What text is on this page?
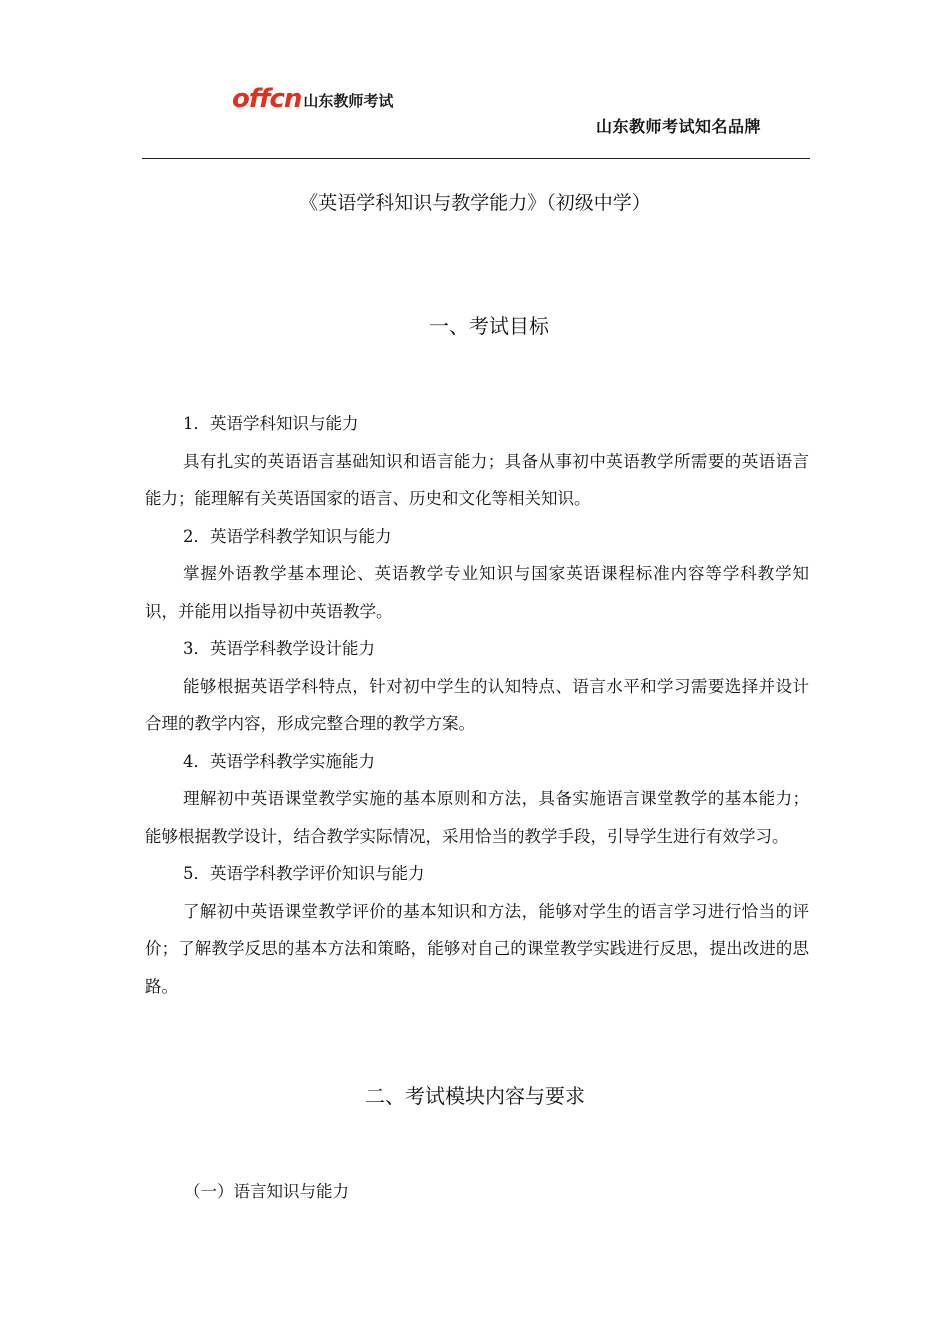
offcn 山东教师考试
山东教师考试知名品牌
《英语学科知识与教学能力》（初级中学）
一、考试目标
1．英语学科知识与能力
具有扎实的英语语言基础知识和语言能力；具备从事初中英语教学所需要的英语语言能力；能理解有关英语国家的语言、历史和文化等相关知识。
2．英语学科教学知识与能力
掌握外语教学基本理论、英语教学专业知识与国家英语课程标准内容等学科教学知识，并能用以指导初中英语教学。
3．英语学科教学设计能力
能够根据英语学科特点，针对初中学生的认知特点、语言水平和学习需要选择并设计合理的教学内容，形成完整合理的教学方案。
4．英语学科教学实施能力
理解初中英语课堂教学实施的基本原则和方法，具备实施语言课堂教学的基本能力；能够根据教学设计，结合教学实际情况，采用恰当的教学手段，引导学生进行有效学习。
5．英语学科教学评价知识与能力
了解初中英语课堂教学评价的基本知识和方法，能够对学生的语言学习进行恰当的评价；了解教学反思的基本方法和策略，能够对自己的课堂教学实践进行反思，提出改进的思路。
二、考试模块内容与要求
（一）语言知识与能力
